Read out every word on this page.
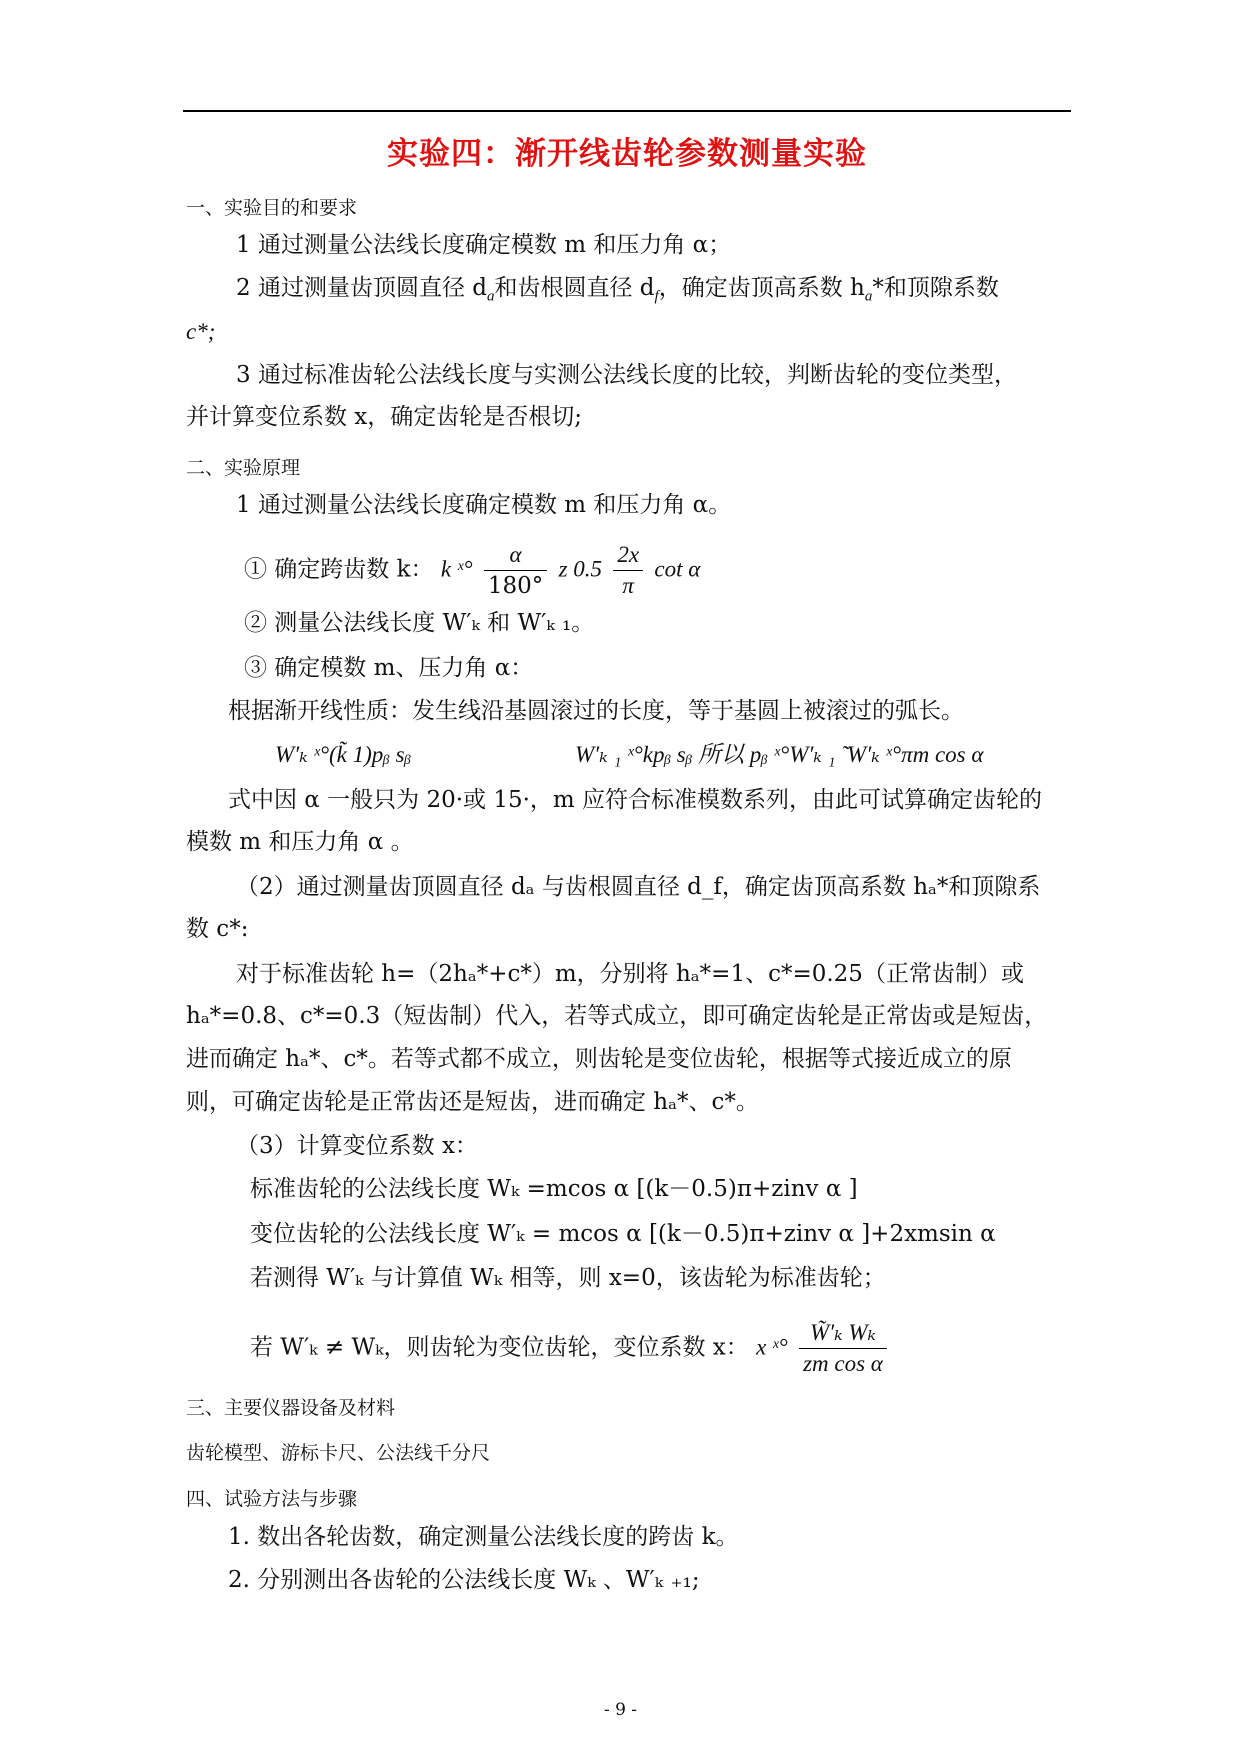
实验四：渐开线齿轮参数测量实验
一、实验目的和要求
1 通过测量公法线长度确定模数 m 和压力角 α；
2 通过测量齿顶圆直径 $d_a$和齿根圆直径 $d_f$，确定齿顶高系数 $h_a*$和顶隙系数
c*;
3 通过标准齿轮公法线长度与实测公法线长度的比较，判断齿轮的变位类型，
并计算变位系数 x，确定齿轮是否根切;
二、实验原理
1 通过测量公法线长度确定模数 m 和压力角 α。
① 确定跨齿数 k： k ˣ° $\frac{\alpha}{180^\circ}$ z $0.5 \frac{2x}{\pi}$ cot α
② 测量公法线长度 W′ₖ 和 W′ₖ ₁。
③ 确定模数 m、压力角 α：
根据渐开线性质：发生线沿基圆滚过的长度，等于基圆上被滚过的弧长。
W′ₖ ˣ°(k̃ 1)pᵦ sᵦ	W′ₖ ₁ ˣ°kpᵦ sᵦ 所以 pᵦ ˣ°W′ₖ ₁ ̃ W′ₖ ˣ°πm cos α
式中因 α 一般只为 20·或 15·，m 应符合标准模数系列，由此可试算确定齿轮的
模数 m 和压力角 α 。
（2）通过测量齿顶圆直径 dₐ 与齿根圆直径 d_f，确定齿顶高系数 hₐ*和顶隙系
数 c*:
对于标准齿轮 h=（2hₐ*+c*）m，分别将 hₐ*=1、c*=0.25（正常齿制）或
hₐ*=0.8、c*=0.3（短齿制）代入，若等式成立，即可确定齿轮是正常齿或是短齿，
进而确定 hₐ*、c*。若等式都不成立，则齿轮是变位齿轮，根据等式接近成立的原
则，可确定齿轮是正常齿还是短齿，进而确定 hₐ*、c*。
（3）计算变位系数 x：
标准齿轮的公法线长度 Wₖ =mcos α [(k－0.5)π+zinv α ]
变位齿轮的公法线长度 W′ₖ = mcos α [(k－0.5)π+zinv α ]+2xmsin α
若测得 W′ₖ 与计算值 Wₖ 相等，则 x=0，该齿轮为标准齿轮；
若 W′ₖ ≠ Wₖ，则齿轮为变位齿轮，变位系数 x： x ˣ° $\frac{\text{W̃′ₖ Wₖ}}{\text{zm cos α}}$
三、主要仪器设备及材料
齿轮模型、游标卡尺、公法线千分尺
四、试验方法与步骤
1. 数出各轮齿数，确定测量公法线长度的跨齿 k。
2. 分别测出各齿轮的公法线长度 Wₖ 、W′ₖ ₊₁;
- 9 -
